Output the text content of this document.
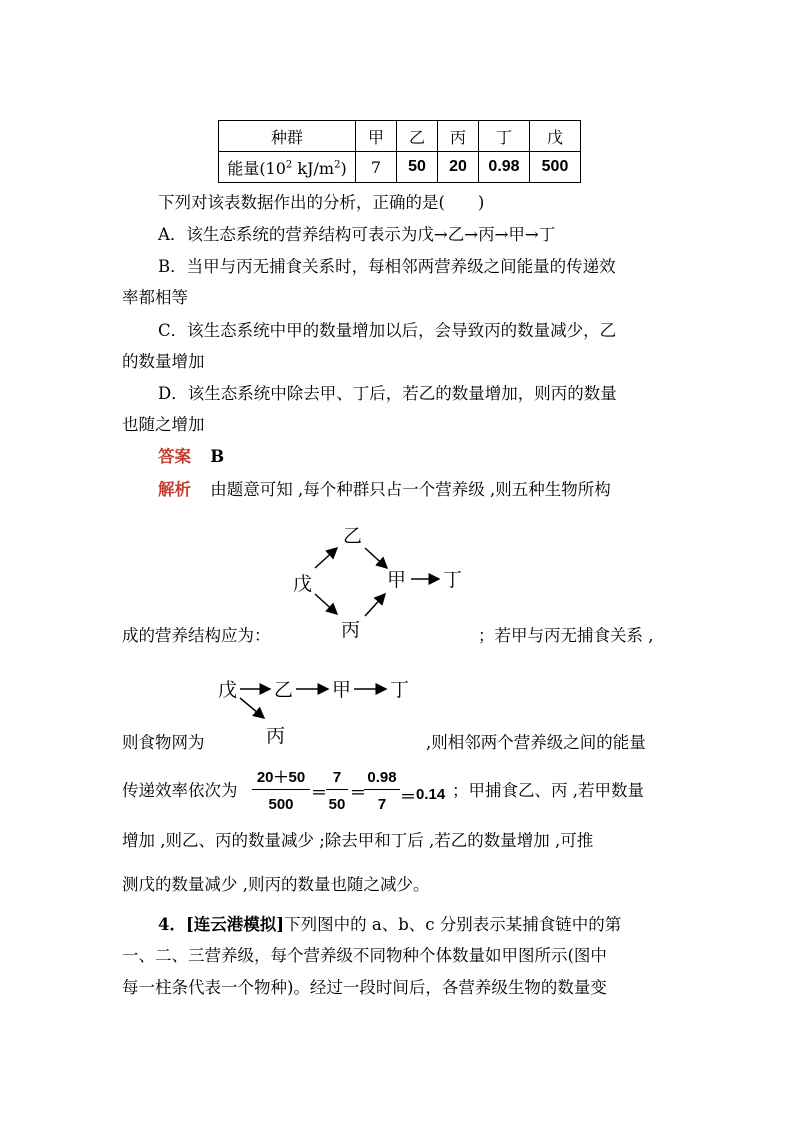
种群	甲	乙	丙	丁	戊
能量($10^2$ $kJ/m^2$)	7	50	20	0.98	500
下列对该表数据作出的分析，正确的是(　　)
A．该生态系统的营养结构可表示为戊→乙→丙→甲→丁
B．当甲与丙无捕食关系时，每相邻两营养级之间能量的传递效
率都相等
C．该生态系统中甲的数量增加以后，会导致丙的数量减少，乙
的数量增加
D．该生态系统中除去甲、丁后，若乙的数量增加，则丙的数量
也随之增加
答案 B
解析 由题意可知 ,每个种群只占一个营养级 ,则五种生物所构
乙
戊	甲 丁
丙
成的营养结构应为：	；若甲与丙无捕食关系 ,
戊 乙 甲 丁
丙
则食物网为	,则相邻两个营养级之间的能量
传递效率依次为 $\frac{20+50}{500}$ ＝
$\frac{7}{50}$ ＝
$\frac{0.98}{7} = 0.14$ ；甲捕食乙、丙 ,若甲数量
增加 ,则乙、丙的数量减少 ;除去甲和丁后 ,若乙的数量增加 ,可推
测戊的数量减少 ,则丙的数量也随之减少。
4．[连云港模拟]下列图中的 a、b、c 分别表示某捕食链中的第
一、二、三营养级，每个营养级不同物种个体数量如甲图所示(图中
每一柱条代表一个物种)。经过一段时间后，各营养级生物的数量变
